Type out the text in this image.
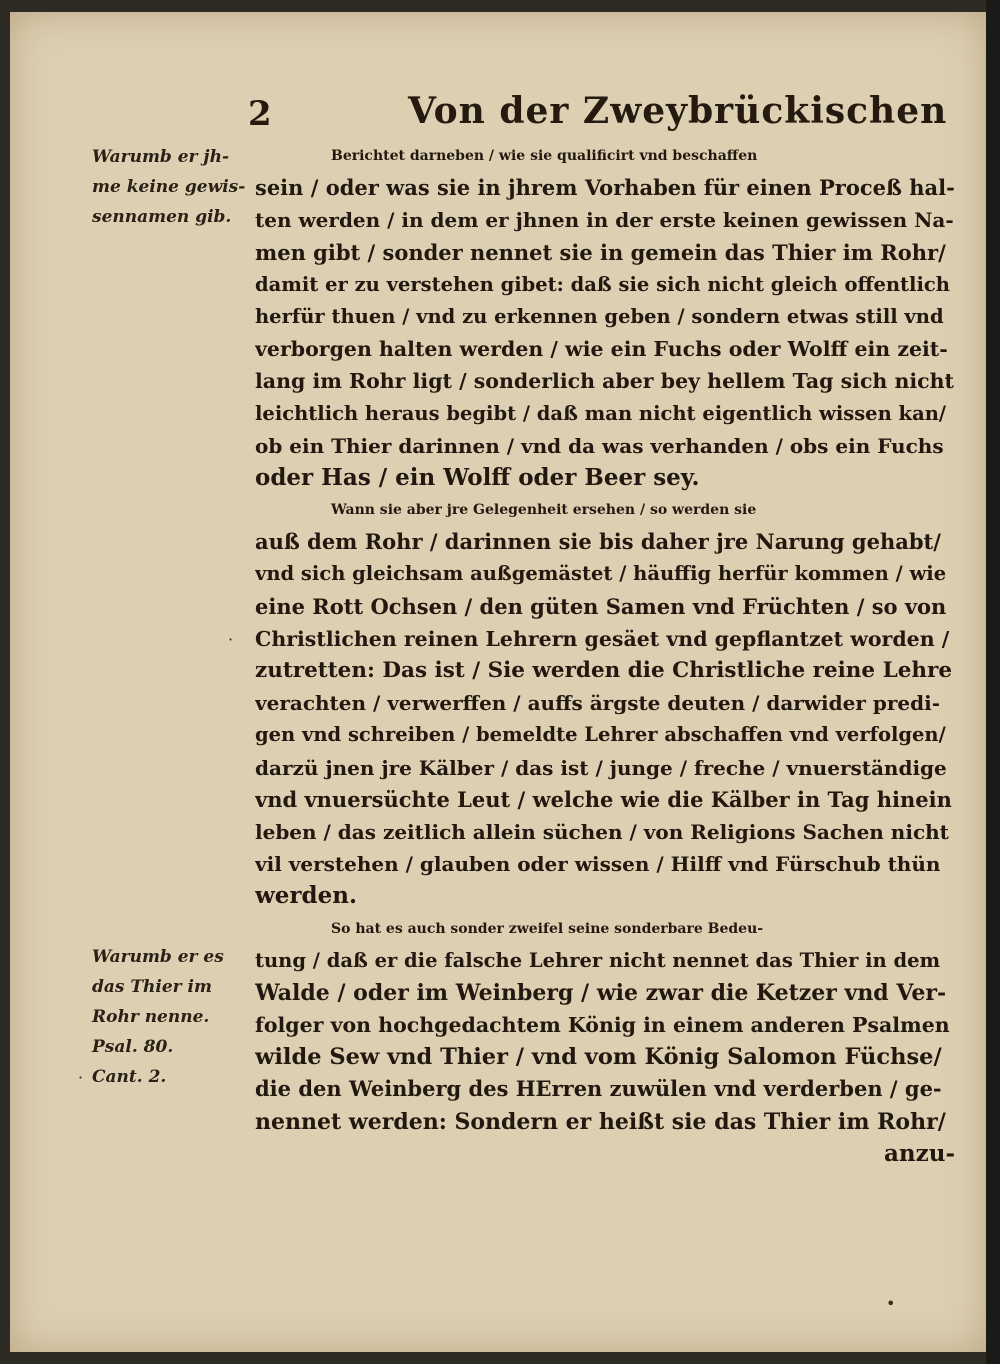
2	Von der Zweybrückischen
Warumb er jh-
me keine gewis-
sennamen gib.
Warumb er es
das Thier im
Rohr nenne.
Psal. 80.
Cant. 2.
Berichtet darneben / wie sie qualificirt vnd beschaffen
sein / oder was sie in jhrem Vorhaben für einen Proceß hal-
ten werden / in dem er jhnen in der erste keinen gewissen Na-
men gibt / sonder nennet sie in gemein das Thier im Rohr/
damit er zu verstehen gibet: daß sie sich nicht gleich offentlich
herfür thuen / vnd zu erkennen geben / sondern etwas still vnd
verborgen halten werden / wie ein Fuchs oder Wolff ein zeit-
lang im Rohr ligt / sonderlich aber bey hellem Tag sich nicht
leichtlich heraus begibt / daß man nicht eigentlich wissen kan/
ob ein Thier darinnen / vnd da was verhanden / obs ein Fuchs
oder Has / ein Wolff oder Beer sey.
Wann sie aber jre Gelegenheit ersehen / so werden sie
auß dem Rohr / darinnen sie bis daher jre Narung gehabt/
vnd sich gleichsam außgemästet / häuffig herfür kommen / wie
eine Rott Ochsen / den güten Samen vnd Früchten / so von
Christlichen reinen Lehrern gesäet vnd gepflantzet worden /
zutretten: Das ist / Sie werden die Christliche reine Lehre
verachten / verwerffen / auffs ärgste deuten / darwider predi-
gen vnd schreiben / bemeldte Lehrer abschaffen vnd verfolgen/
darzü jnen jre Kälber / das ist / junge / freche / vnuerständige
vnd vnuersüchte Leut / welche wie die Kälber in Tag hinein
leben / das zeitlich allein süchen / von Religions Sachen nicht
vil verstehen / glauben oder wissen / Hilff vnd Fürschub thün
werden.
So hat es auch sonder zweifel seine sonderbare Bedeu-
tung / daß er die falsche Lehrer nicht nennet das Thier in dem
Walde / oder im Weinberg / wie zwar die Ketzer vnd Ver-
folger von hochgedachtem König in einem anderen Psalmen
wilde Sew vnd Thier / vnd vom König Salomon Füchse/
die den Weinberg des HErren zuwülen vnd verderben / ge-
nennet werden: Sondern er heißt sie das Thier im Rohr/
anzu-
·
·
•
